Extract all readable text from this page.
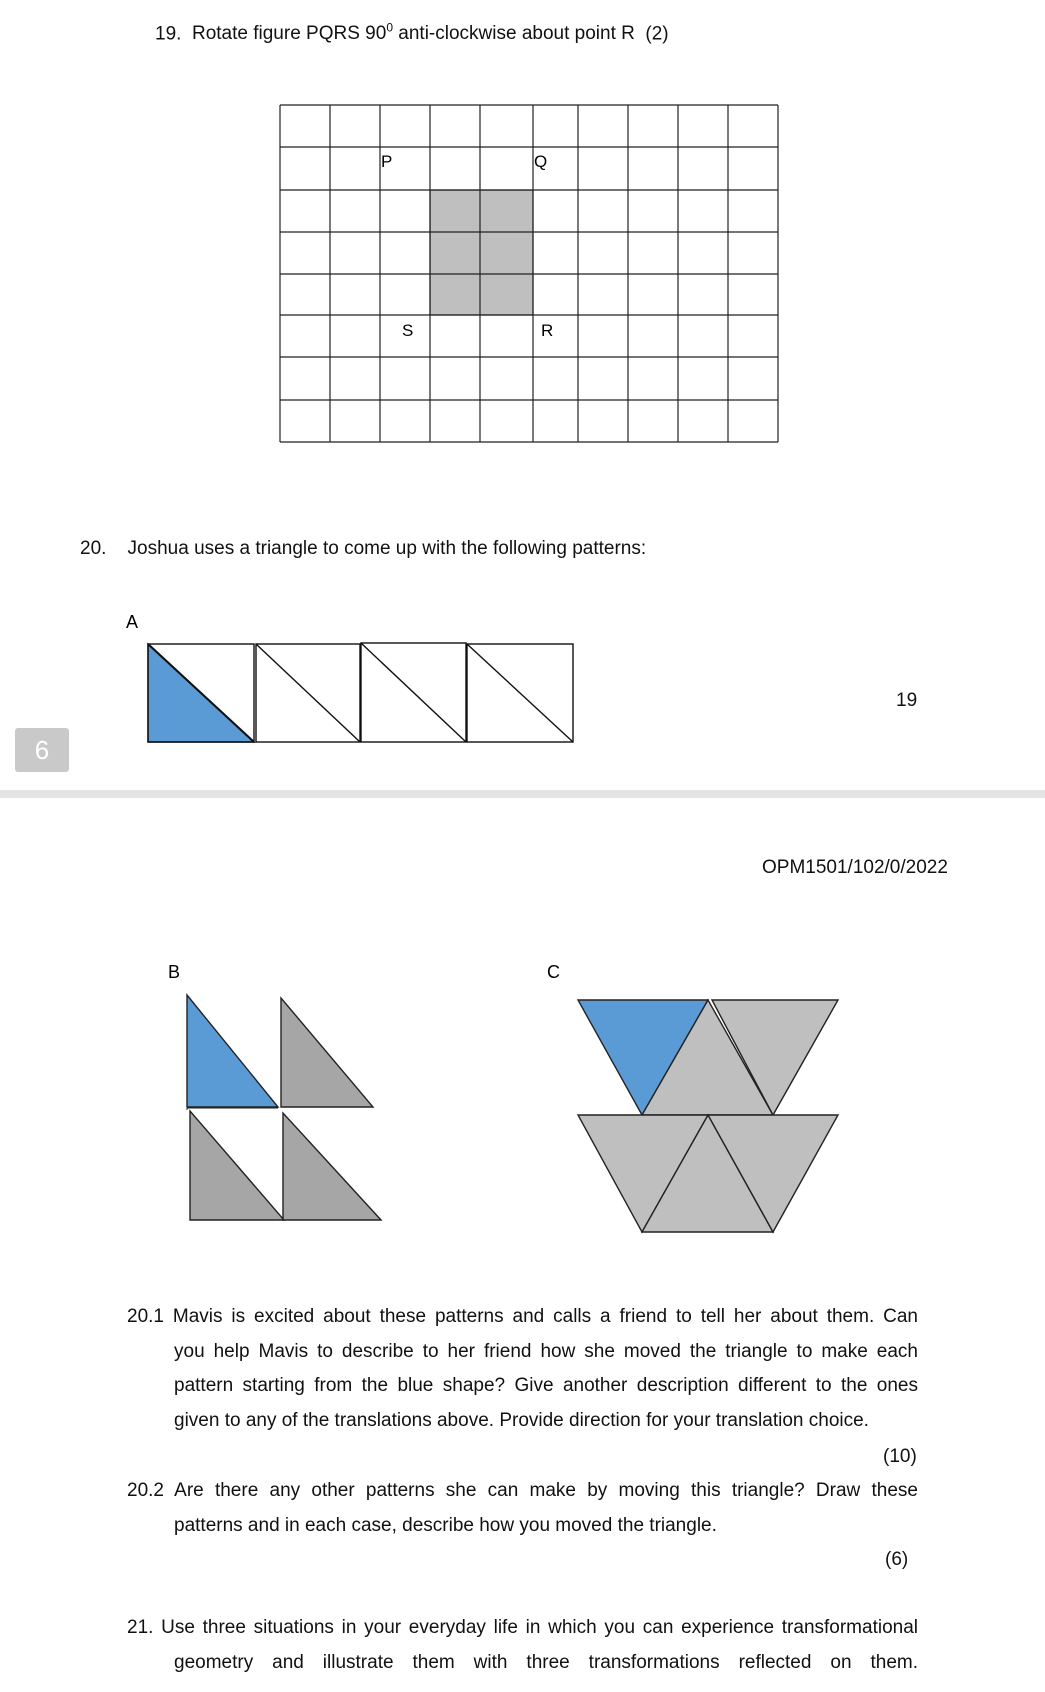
19. Rotate figure PQRS $90^0$ anti-clockwise about point R (2)
P	Q
S	R
20. Joshua uses a triangle to come up with the following patterns:
A
19
6
OPM1501/102/0/2022
B	C
20.1 Mavis is excited about these patterns and calls a friend to tell her about them. Can
you help Mavis to describe to her friend how she moved the triangle to make each
pattern starting from the blue shape? Give another description different to the ones
given to any of the translations above. Provide direction for your translation choice.
(10)
20.2 Are there any other patterns she can make by moving this triangle? Draw these
patterns and in each case, describe how you moved the triangle.
(6)
21. Use three situations in your everyday life in which you can experience transformational
geometry and illustrate them with three transformations reflected on them.
